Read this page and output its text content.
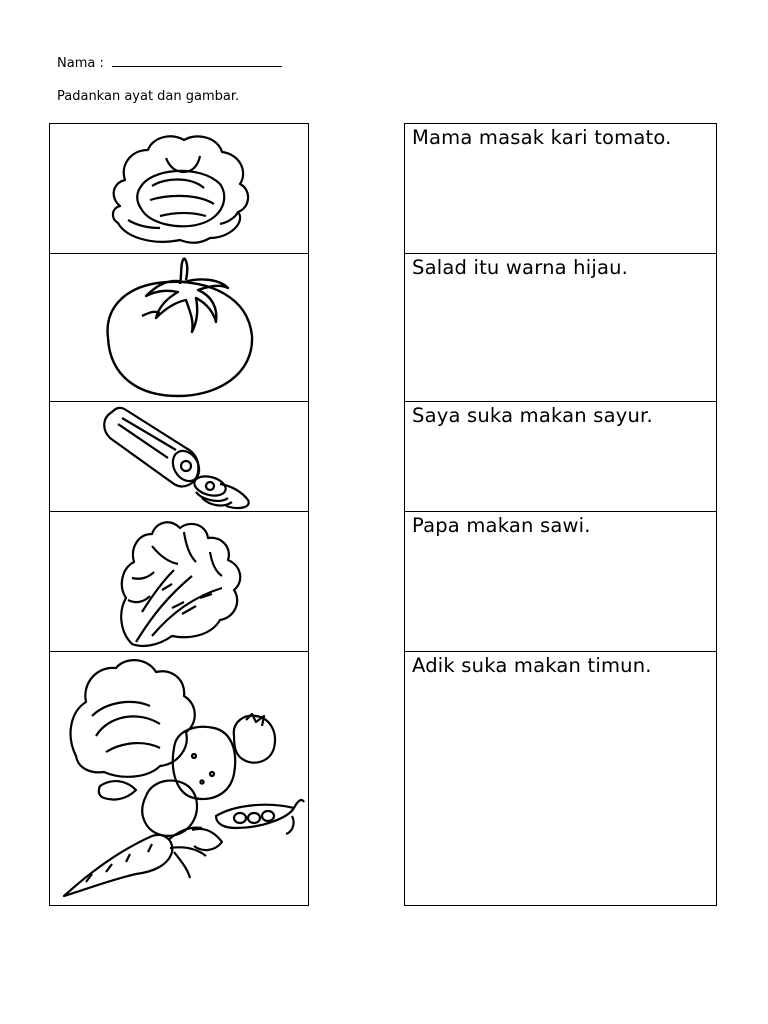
Nama :
Padankan ayat dan gambar.
Mama masak kari tomato.
Salad itu warna hijau.
Saya suka makan sayur.
Papa makan sawi.
Adik suka makan timun.
